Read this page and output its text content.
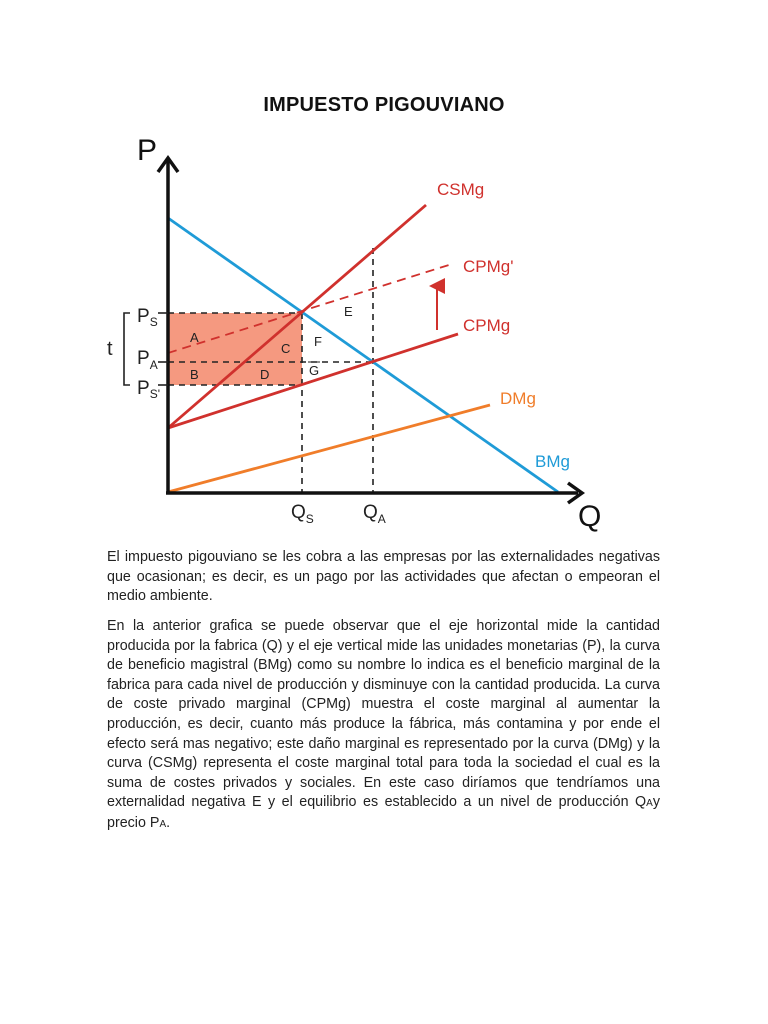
IMPUESTO PIGOUVIANO
P
Q
t
$P_S$
$P_A$
$P_{S'}$
$Q_S$	$Q_A$
A
B
C
D
E
F
G
CSMg
CPMg'
CPMg
DMg
BMg

El impuesto pigouviano se les cobra a las empresas por las externalidades negativas que ocasionan; es decir, es un pago por las actividades que afectan o empeoran el medio ambiente.

En la anterior grafica se puede observar que el eje horizontal mide la cantidad producida por la fabrica (Q) y el eje vertical mide las unidades monetarias (P), la curva de beneficio magistral (BMg) como su nombre lo indica es el beneficio marginal de la fabrica para cada nivel de producción y disminuye con la cantidad producida. La curva de coste privado marginal (CPMg) muestra el coste marginal al aumentar la producción, es decir, cuanto más produce la fábrica, más contamina y por ende el efecto será mas negativo; este daño marginal es representado por la curva (DMg) y la curva (CSMg) representa el coste marginal total para toda la sociedad el cual es la suma de costes privados y sociales. En este caso diríamos que tendríamos una externalidad negativa E y el equilibrio es establecido a un nivel de producción QAy precio PA.
